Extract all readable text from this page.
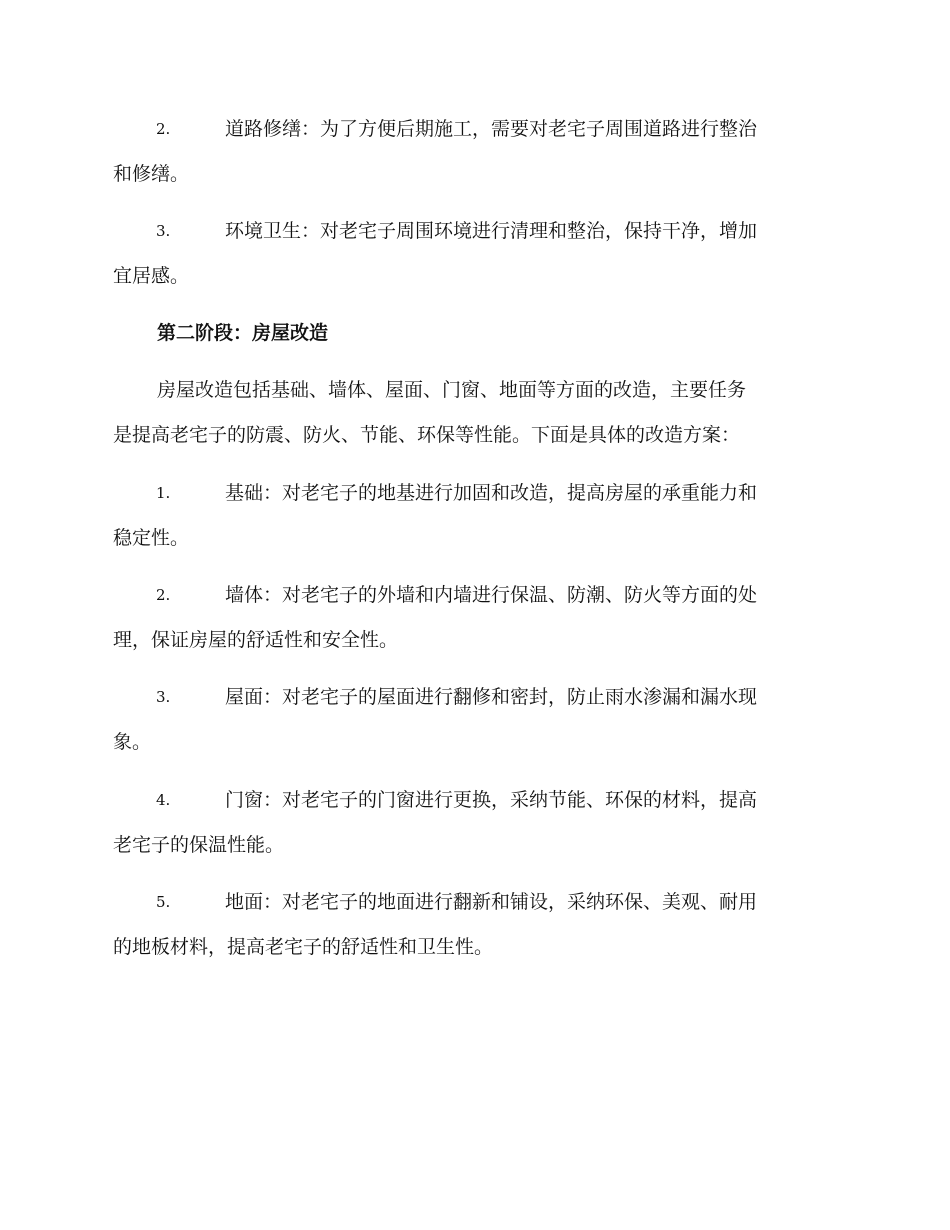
2.	道路修缮：为了方便后期施工，需要对老宅子周围道路进行整治
和修缮。
3.	环境卫生：对老宅子周围环境进行清理和整治，保持干净，增加
宜居感。
第二阶段：房屋改造
房屋改造包括基础、墙体、屋面、门窗、地面等方面的改造，主要任务
是提高老宅子的防震、防火、节能、环保等性能。下面是具体的改造方案：
1.	基础：对老宅子的地基进行加固和改造，提高房屋的承重能力和
稳定性。
2.	墙体：对老宅子的外墙和内墙进行保温、防潮、防火等方面的处
理，保证房屋的舒适性和安全性。
3.	屋面：对老宅子的屋面进行翻修和密封，防止雨水渗漏和漏水现
象。
4.	门窗：对老宅子的门窗进行更换，采纳节能、环保的材料，提高
老宅子的保温性能。
5.	地面：对老宅子的地面进行翻新和铺设，采纳环保、美观、耐用
的地板材料，提高老宅子的舒适性和卫生性。
